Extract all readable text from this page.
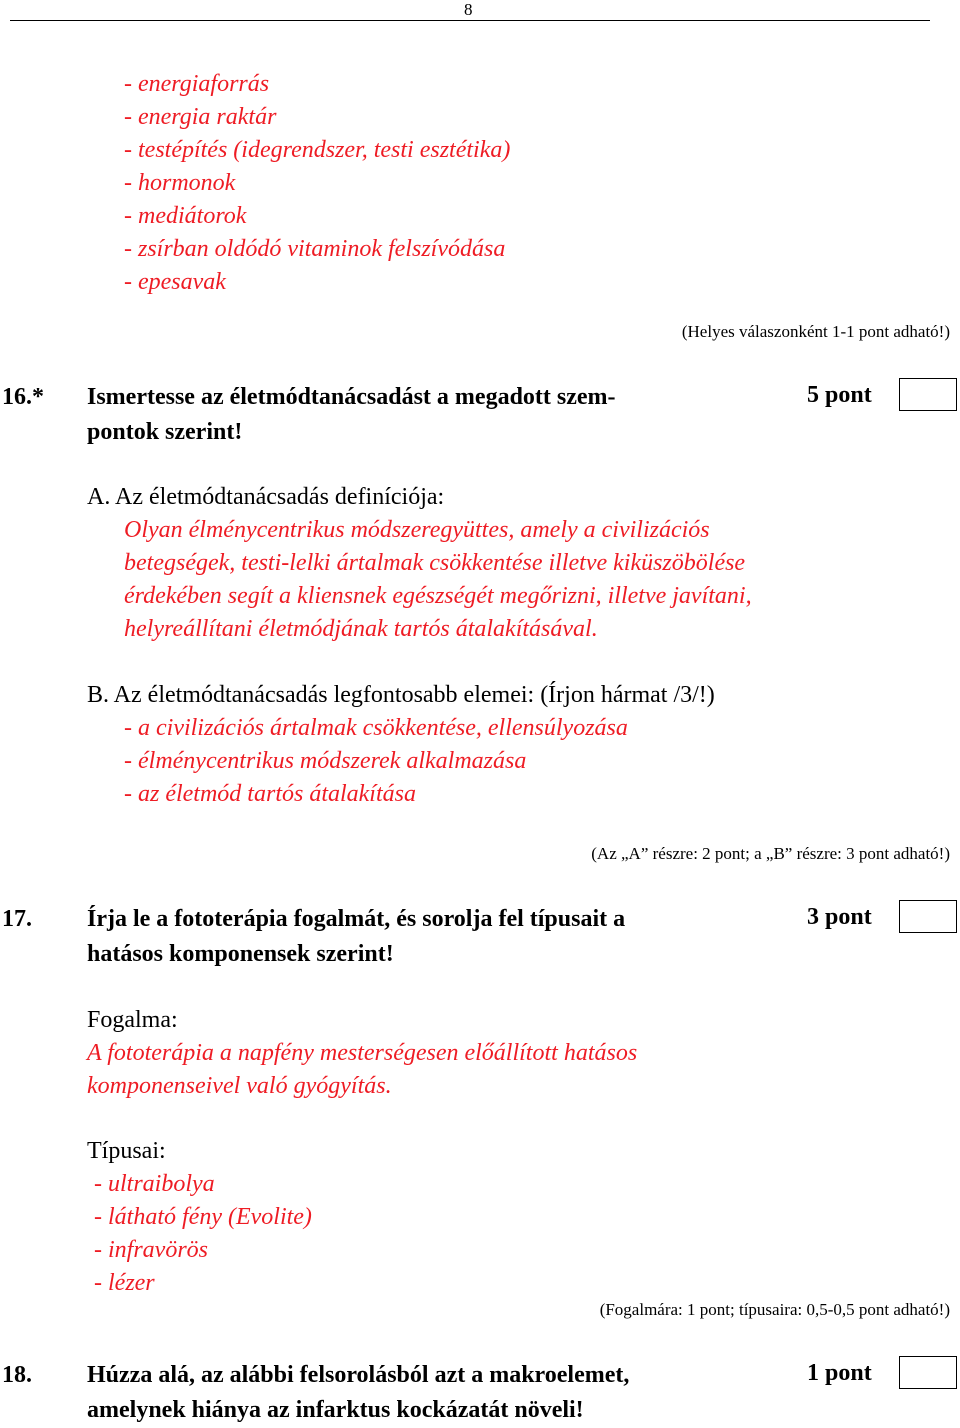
8
- energiaforrás
- energia raktár
- testépítés (idegrendszer, testi esztétika)
- hormonok
- mediátorok
- zsírban oldódó vitaminok felszívódása
- epesavak
(Helyes válaszonként 1-1 pont adható!)
16.* Ismertesse az életmódtanácsadást a megadott szem-
pontok szerint!
5 pont
A. Az életmódtanácsadás definíciója:
Olyan élménycentrikus módszeregyüttes, amely a civilizációs
betegségek, testi-lelki ártalmak csökkentése illetve kiküszöbölése
érdekében segít a kliensnek egészségét megőrizni, illetve javítani,
helyreállítani életmódjának tartós átalakításával.
B. Az életmódtanácsadás legfontosabb elemei: (Írjon hármat /3/!)
- a civilizációs ártalmak csökkentése, ellensúlyozása
- élménycentrikus módszerek alkalmazása
- az életmód tartós átalakítása
(Az „A” részre: 2 pont; a „B” részre: 3 pont adható!)
17. Írja le a fototerápia fogalmát, és sorolja fel típusait a
hatásos komponensek szerint!
3 pont
Fogalma:
A fototerápia a napfény mesterségesen előállított hatásos
komponenseivel való gyógyítás.
Típusai:
- ultraibolya
- látható fény (Evolite)
- infravörös
- lézer
(Fogalmára: 1 pont; típusaira: 0,5-0,5 pont adható!)
18. Húzza alá, az alábbi felsorolásból azt a makroelemet,
amelynek hiánya az infarktus kockázatát növeli!
1 pont
